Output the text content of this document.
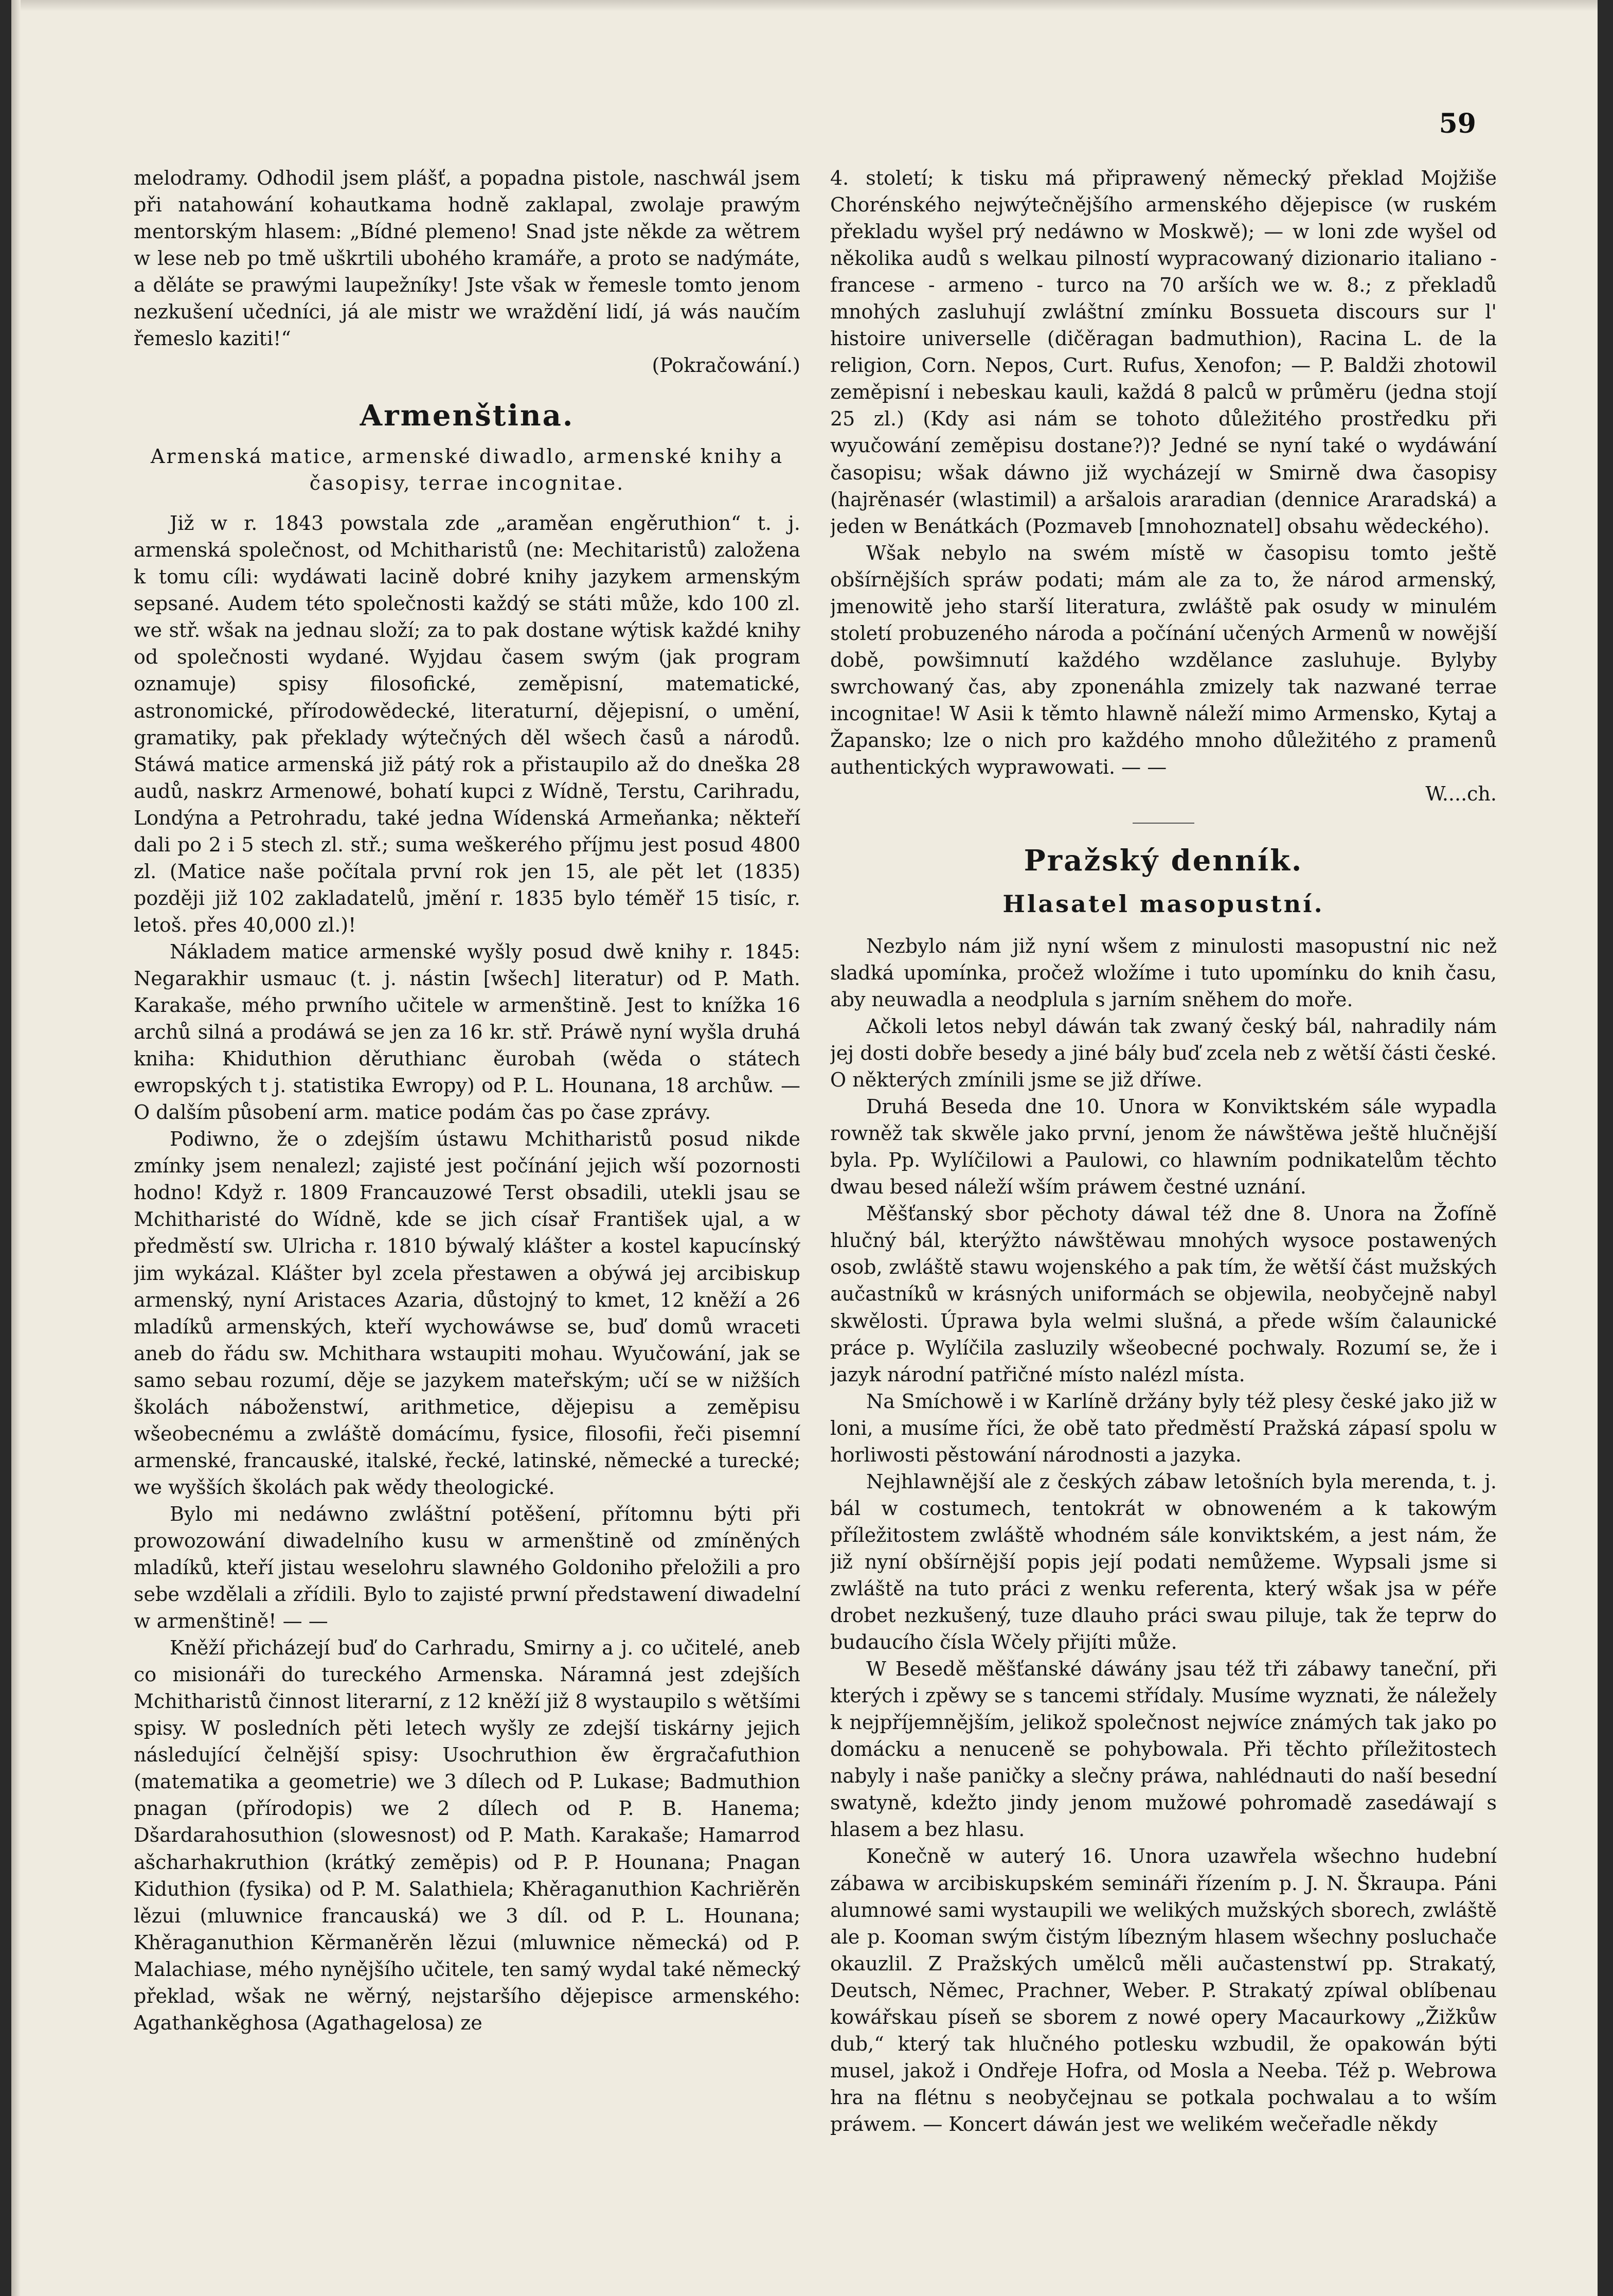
59

melodramy. Odhodil jsem plášť, a popadna pistole, naschwál jsem při natahowání kohautkama hodně zaklapal, zwolaje prawým mentorským hlasem: „Bídné plemeno! Snad jste někde za wětrem w lese neb po tmě uškrtili ubohého kramáře, a proto se nadýmáte, a děláte se prawými laupežníky! Jste však w řemesle tomto jenom nezkušení učedníci, já ale mistr we wraždění lidí, já wás naučím řemeslo kaziti!“

(Pokračowání.)

Armenština.
Armenská matice, armenské diwadlo, armenské knihy a časopisy, terrae incognitae.

Již w r. 1843 powstala zde „araměan engěruthion“ t. j. armenská společnost, od Mchitharistů (ne: Mechitaristů) založena k tomu cíli: wydáwati lacině dobré knihy jazykem armenským sepsané. Audem této společnosti každý se státi může, kdo 100 zl. we stř. wšak na jednau složí; za to pak dostane wýtisk každé knihy od společnosti wydané. Wyjdau časem swým (jak program oznamuje) spisy filosofické, zeměpisní, matematické, astronomické, přírodowědecké, literaturní, dějepisní, o umění, gramatiky, pak překlady wýtečných děl wšech časů a národů. Stáwá matice armenská již pátý rok a přistaupilo až do dneška 28 audů, naskrz Armenowé, bohatí kupci z Wídně, Terstu, Carihradu, Londýna a Petrohradu, také jedna Wídenská Armeňanka; někteří dali po 2 i 5 stech zl. stř.; suma weškerého příjmu jest posud 4800 zl. (Matice naše počítala první rok jen 15, ale pět let (1835) později již 102 zakladatelů, jmění r. 1835 bylo téměř 15 tisíc, r. letoš. přes 40,000 zl.)!

Nákladem matice armenské wyšly posud dwě knihy r. 1845: Negarakhir usmauc (t. j. nástin [wšech] literatur) od P. Math. Karakaše, mého prwního učitele w armenštině. Jest to knížka 16 archů silná a prodáwá se jen za 16 kr. stř. Práwě nyní wyšla druhá kniha: Khiduthion děruthianc ěurobah (wěda o státech ewropských t j. statistika Ewropy) od P. L. Hounana, 18 archůw. — O dalším působení arm. matice podám čas po čase zprávy.

Podiwno, že o zdejším ústawu Mchitharistů posud nikde zmínky jsem nenalezl; zajisté jest počínání jejich wší pozornosti hodno! Když r. 1809 Francauzowé Terst obsadili, utekli jsau se Mchitharisté do Wídně, kde se jich císař František ujal, a w předměstí sw. Ulricha r. 1810 býwalý klášter a kostel kapucínský jim wykázal. Klášter byl zcela přestawen a obýwá jej arcibiskup armenský, nyní Aristaces Azaria, důstojný to kmet, 12 kněží a 26 mladíků armenských, kteří wychowáwse se, buď domů wraceti aneb do řádu sw. Mchithara wstaupiti mohau. Wyučowání, jak se samo sebau rozumí, děje se jazykem mateřským; učí se w nižších školách náboženstwí, arithmetice, dějepisu a zeměpisu wšeobecnému a zwláště domácímu, fysice, filosofii, řeči pisemní armenské, francauské, italské, řecké, latinské, německé a turecké; we wyšších školách pak wědy theologické.

Bylo mi nedáwno zwláštní potěšení, přítomnu býti při prowozowání diwadelního kusu w armenštině od zmíněných mladíků, kteří jistau weselohru slawného Goldoniho přeložili a pro sebe wzdělali a zřídili. Bylo to zajisté prwní předstawení diwadelní w armenštině! — —

Kněží přicházejí buď do Carhradu, Smirny a j. co učitelé, aneb co misionáři do tureckého Armenska. Náramná jest zdejších Mchitharistů činnost literarní, z 12 kněží již 8 wystaupilo s wětšími spisy. W posledních pěti letech wyšly ze zdejší tiskárny jejich následující čelnější spisy: Usochruthion ěw ěrgračafuthion (matematika a geometrie) we 3 dílech od P. Lukase; Badmuthion pnagan (přírodopis) we 2 dílech od P. B. Hanema; Dšardarahosuthion (slowesnost) od P. Math. Karakaše; Hamarrod ašcharhakruthion (krátký zeměpis) od P. P. Hounana; Pnagan Kiduthion (fysika) od P. M. Salathiela; Khěraganuthion Kachriěrěn lězui (mluwnice francauská) we 3 díl. od P. L. Hounana; Khěraganuthion Kěrmaněrěn lězui (mluwnice německá) od P. Malachiase, mého nynějšího učitele, ten samý wydal také německý překlad, wšak ne wěrný, nejstaršího dějepisce armenského: Agathankěghosa (Agathagelosa) ze

4. století; k tisku má připrawený německý překlad Mojžiše Chorénského nejwýtečnějšího armenského dějepisce (w ruském překladu wyšel prý nedáwno w Moskwě); — w loni zde wyšel od několika audů s welkau pilností wypracowaný dizionario italiano - francese - armeno - turco na 70 arších we w. 8.; z překladů mnohých zasluhují zwláštní zmínku Bossueta discours sur l' histoire universelle (dičěragan badmuthion), Racina L. de la religion, Corn. Nepos, Curt. Rufus, Xenofon; — P. Baldži zhotowil zeměpisní i nebeskau kauli, každá 8 palců w průměru (jedna stojí 25 zl.) (Kdy asi nám se tohoto důležitého prostředku při wyučowání zeměpisu dostane?)? Jedné se nyní také o wydáwání časopisu; wšak dáwno již wycházejí w Smirně dwa časopisy (hajrěnasér (wlastimil) a aršalois araradian (dennice Araradská) a jeden w Benátkách (Pozmaveb [mnohoznatel] obsahu wědeckého).

Wšak nebylo na swém místě w časopisu tomto ještě obšírnějších spráw podati; mám ale za to, že národ armenský, jmenowitě jeho starší literatura, zwláště pak osudy w minulém století probuzeného národa a počínání učených Armenů w nowější době, powšimnutí každého wzdělance zasluhuje. Bylyby swrchowaný čas, aby zponenáhla zmizely tak nazwané terrae incognitae! W Asii k těmto hlawně náleží mimo Armensko, Kytaj a Žapansko; lze o nich pro každého mnoho důležitého z pramenů authentických wyprawowati. — —

W....ch.

Pražský denník.
Hlasatel masopustní.

Nezbylo nám již nyní wšem z minulosti masopustní nic než sladká upomínka, pročež wložíme i tuto upomínku do knih času, aby neuwadla a neodplula s jarním sněhem do moře.

Ačkoli letos nebyl dáwán tak zwaný český bál, nahradily nám jej dosti dobře besedy a jiné bály buď zcela neb z wětší části české. O některých zmínili jsme se již dříwe.

Druhá Beseda dne 10. Unora w Konviktském sále wypadla rowněž tak skwěle jako první, jenom že náwštěwa ještě hlučnější byla. Pp. Wylíčilowi a Paulowi, co hlawním podnikatelům těchto dwau besed náleží wším práwem čestné uznání.

Měšťanský sbor pěchoty dáwal též dne 8. Unora na Žofíně hlučný bál, kterýžto náwštěwau mnohých wysoce postawených osob, zwláště stawu wojenského a pak tím, že wětší část mužských aučastníků w krásných uniformách se objewila, neobyčejně nabyl skwělosti. Úprawa byla welmi slušná, a přede wším čalaunické práce p. Wylíčila zasluzily wšeobecné pochwaly. Rozumí se, že i jazyk národní patřičné místo nalézl místa.

Na Smíchowě i w Karlíně držány byly též plesy české jako již w loni, a musíme říci, že obě tato předměstí Pražská zápasí spolu w horliwosti pěstowání národnosti a jazyka.

Nejhlawnější ale z českých zábaw letošních byla merenda, t. j. bál w costumech, tentokrát w obnoweném a k takowým příležitostem zwláště whodném sále konviktském, a jest nám, že již nyní obšírnější popis její podati nemůžeme. Wypsali jsme si zwláště na tuto práci z wenku referenta, který wšak jsa w péře drobet nezkušený, tuze dlauho práci swau piluje, tak že teprw do budaucího čísla Wčely přijíti může.

W Besedě měšťanské dáwány jsau též tři zábawy taneční, při kterých i zpěwy se s tancemi střídaly. Musíme wyznati, že náležely k nejpříjemnějším, jelikož společnost nejwíce známých tak jako po domácku a nenuceně se pohybowala. Při těchto příležitostech nabyly i naše paničky a slečny práwa, nahlédnauti do naší besední swatyně, kdežto jindy jenom mužowé pohromadě zasedáwají s hlasem a bez hlasu.

Konečně w auterý 16. Unora uzawřela wšechno hudební zábawa w arcibiskupském semináři řízením p. J. N. Škraupa. Páni alumnowé sami wystaupili we welikých mužských sborech, zwláště ale p. Kooman swým čistým líbezným hlasem wšechny posluchače okauzlil. Z Pražských umělců měli aučastenstwí pp. Strakatý, Deutsch, Němec, Prachner, Weber. P. Strakatý zpíwal oblíbenau kowářskau píseň se sborem z nowé opery Macaurkowy „Žižkůw dub,“ který tak hlučného potlesku wzbudil, že opakowán býti musel, jakož i Ondřeje Hofra, od Mosla a Neeba. Též p. Webrowa hra na flétnu s neobyčejnau se potkala pochwalau a to wším práwem. — Koncert dáwán jest we welikém wečeřadle někdy
